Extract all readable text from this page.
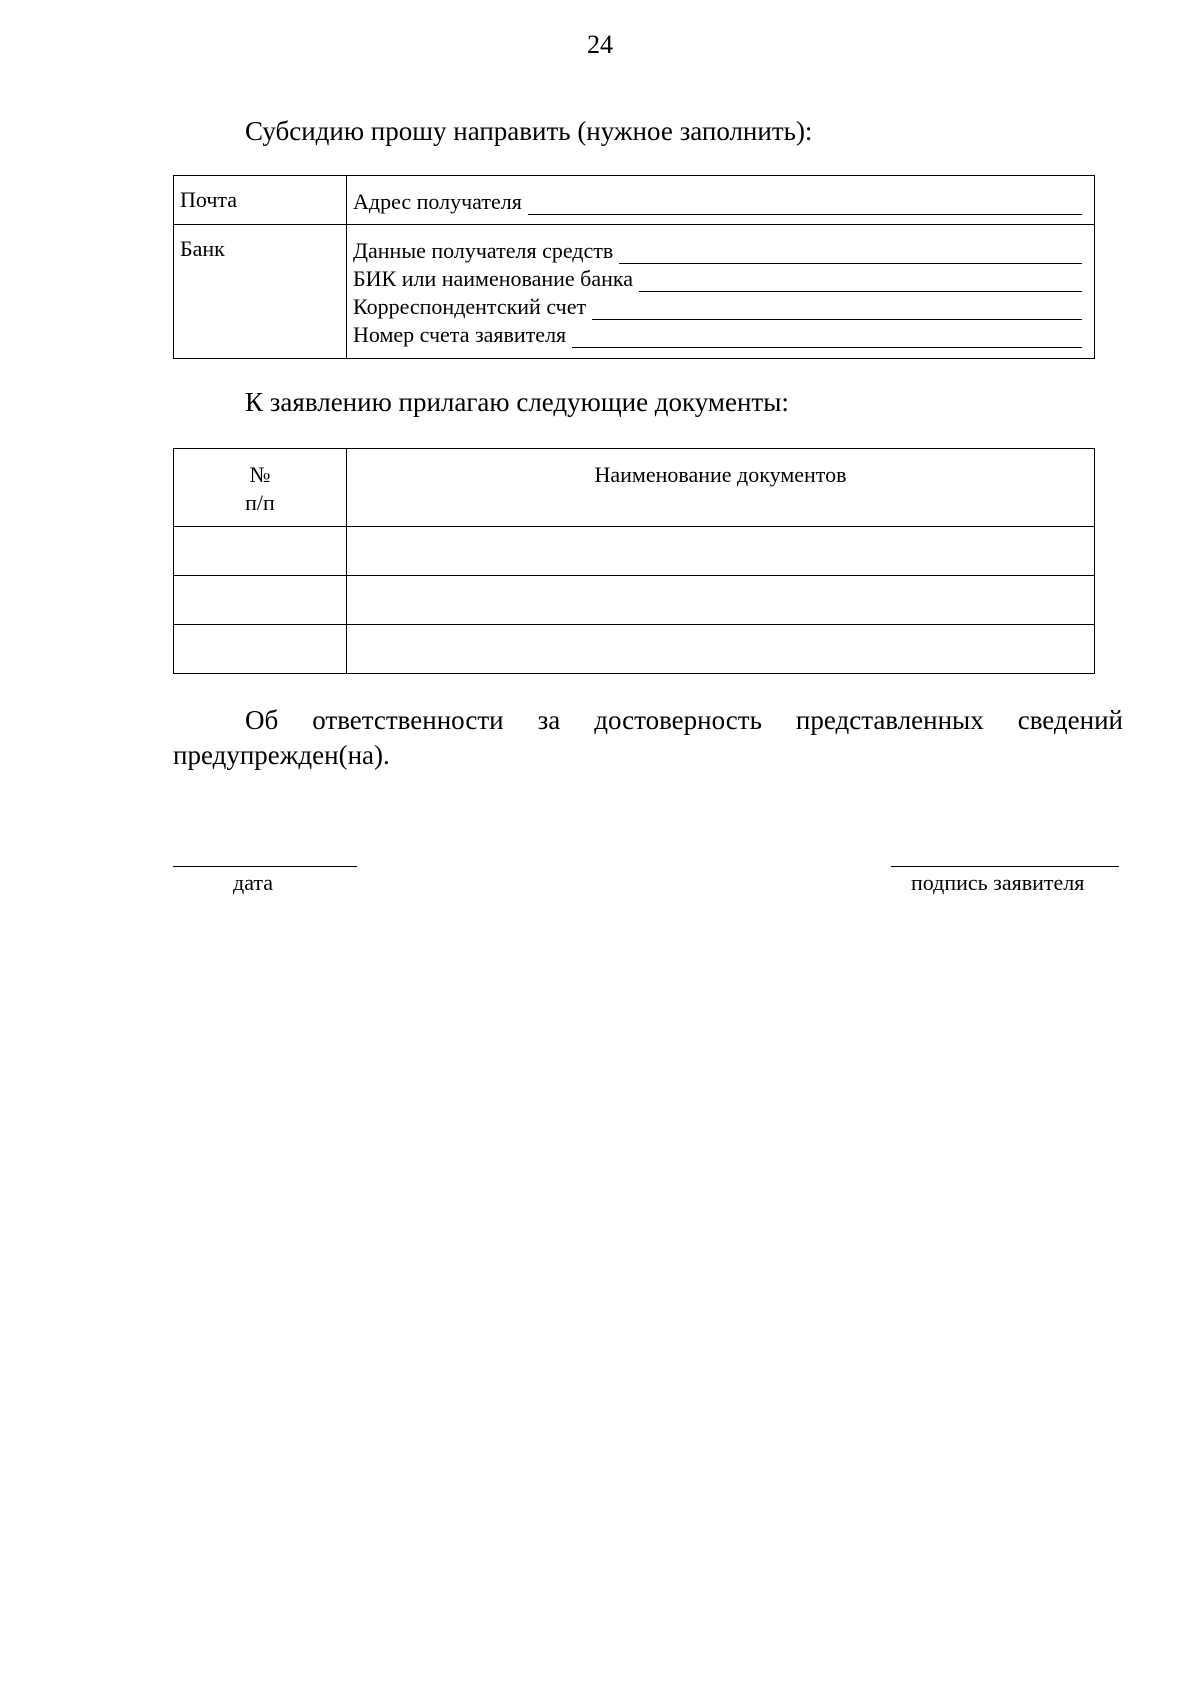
24
Субсидию прошу направить (нужное заполнить):
Почта	Адрес получателя

Банк	Данные получателя средств
БИК или наименование банка
Корреспондентский счет
Номер счета заявителя
К заявлению прилагаю следующие документы:
№
п/п	Наименование документов

Об ответственности за достоверность представленных сведений предупрежден(на).
дата	подпись заявителя
